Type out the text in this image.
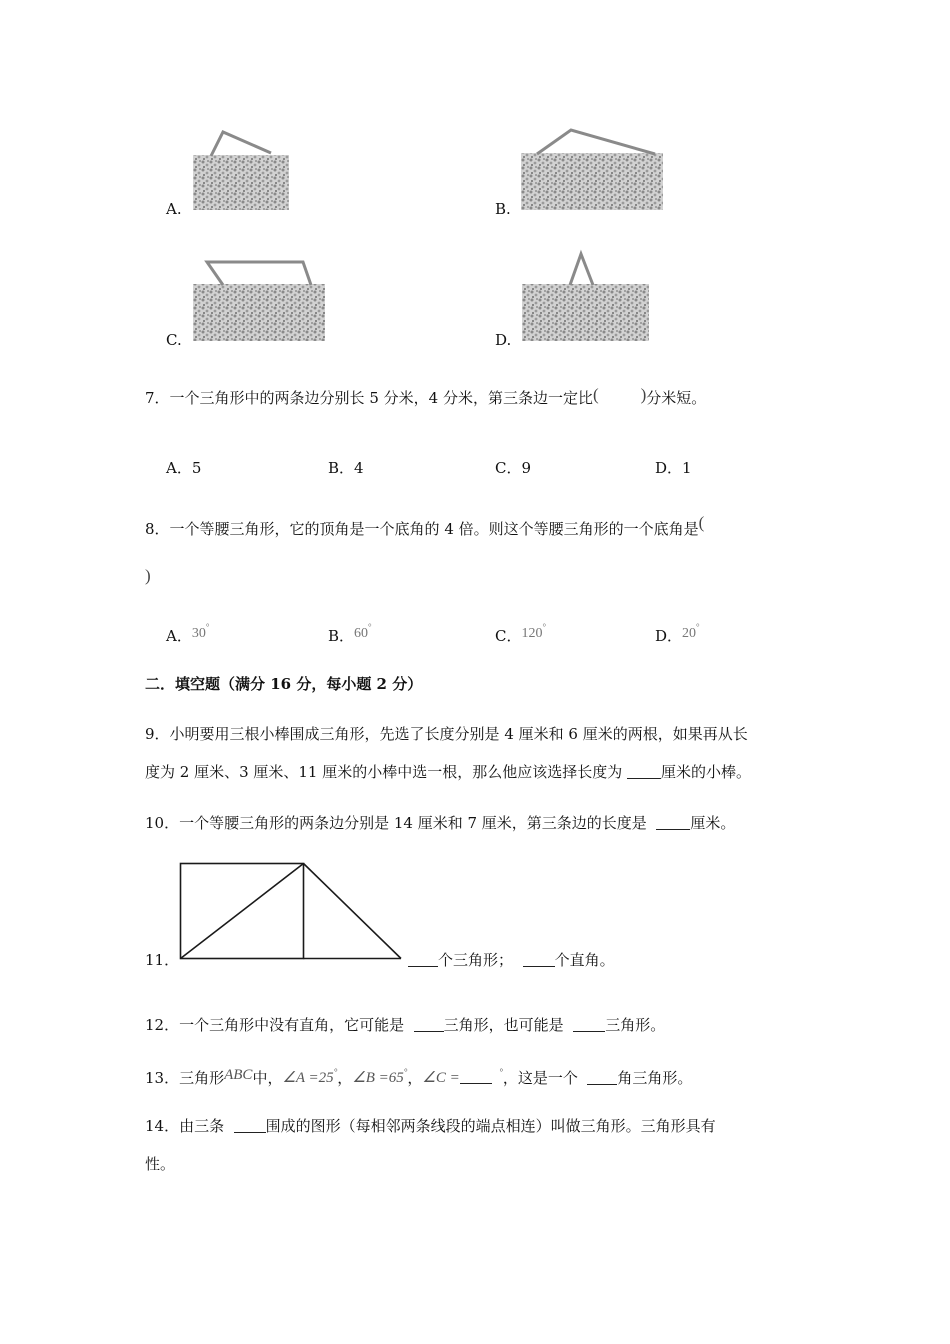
A.	B.
C.	D.
7．一个三角形中的两条边分别长 5 分米，4 分米，第三条边一定比( )分米短。
A．5	B．4	C．9	D．1
8．一个等腰三角形，它的顶角是一个底角的 4 倍。则这个等腰三角形的一个底角是(
)
A．30°	B．60°	C．120°	D．20°
二．填空题（满分 16 分，每小题 2 分）
9．小明要用三根小棒围成三角形，先选了长度分别是 4 厘米和 6 厘米的两根，如果再从长
度为 2 厘米、3 厘米、11 厘米的小棒中选一根，那么他应该选择长度为	厘米的小棒。
10．一个等腰三角形的两条边分别是 14 厘米和 7 厘米，第三条边的长度是	厘米。
11．	个三角形；	个直角。
12．一个三角形中没有直角，它可能是	三角形，也可能是	三角形。
13．三角形ABC中，∠A =25°，∠B =65°，∠C =	°，这是一个	角三角形。
14．由三条	围成的图形（每相邻两条线段的端点相连）叫做三角形。三角形具有
性。
